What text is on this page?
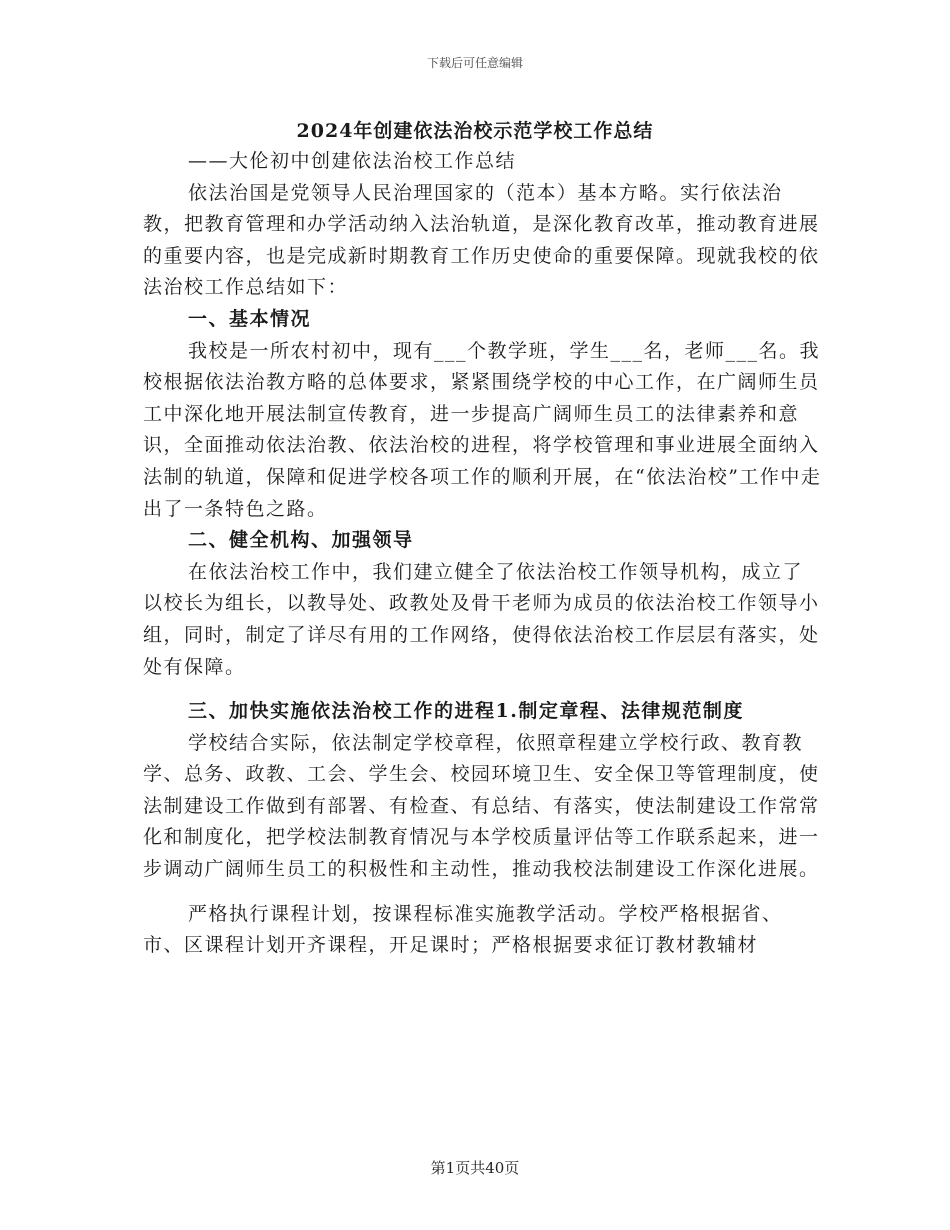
下载后可任意编辑
2024年创建依法治校示范学校工作总结

——大伦初中创建依法治校工作总结

依法治国是党领导人民治理国家的（范本）基本方略。实行依法治教，把教育管理和办学活动纳入法治轨道，是深化教育改革，推动教育进展的重要内容，也是完成新时期教育工作历史使命的重要保障。现就我校的依法治校工作总结如下：

一、基本情况

我校是一所农村初中，现有___个教学班，学生___名，老师___名。我校根据依法治教方略的总体要求，紧紧围绕学校的中心工作，在广阔师生员工中深化地开展法制宣传教育，进一步提高广阔师生员工的法律素养和意识，全面推动依法治教、依法治校的进程，将学校管理和事业进展全面纳入法制的轨道，保障和促进学校各项工作的顺利开展，在“依法治校”工作中走出了一条特色之路。

二、健全机构、加强领导

在依法治校工作中，我们建立健全了依法治校工作领导机构，成立了以校长为组长，以教导处、政教处及骨干老师为成员的依法治校工作领导小组，同时，制定了详尽有用的工作网络，使得依法治校工作层层有落实，处处有保障。

三、加快实施依法治校工作的进程1.制定章程、法律规范制度

学校结合实际，依法制定学校章程，依照章程建立学校行政、教育教学、总务、政教、工会、学生会、校园环境卫生、安全保卫等管理制度，使法制建设工作做到有部署、有检查、有总结、有落实，使法制建设工作常常化和制度化，把学校法制教育情况与本学校质量评估等工作联系起来，进一步调动广阔师生员工的积极性和主动性，推动我校法制建设工作深化进展。

严格执行课程计划，按课程标准实施教学活动。学校严格根据省、市、区课程计划开齐课程，开足课时；严格根据要求征订教材教辅材

第1页共40页
